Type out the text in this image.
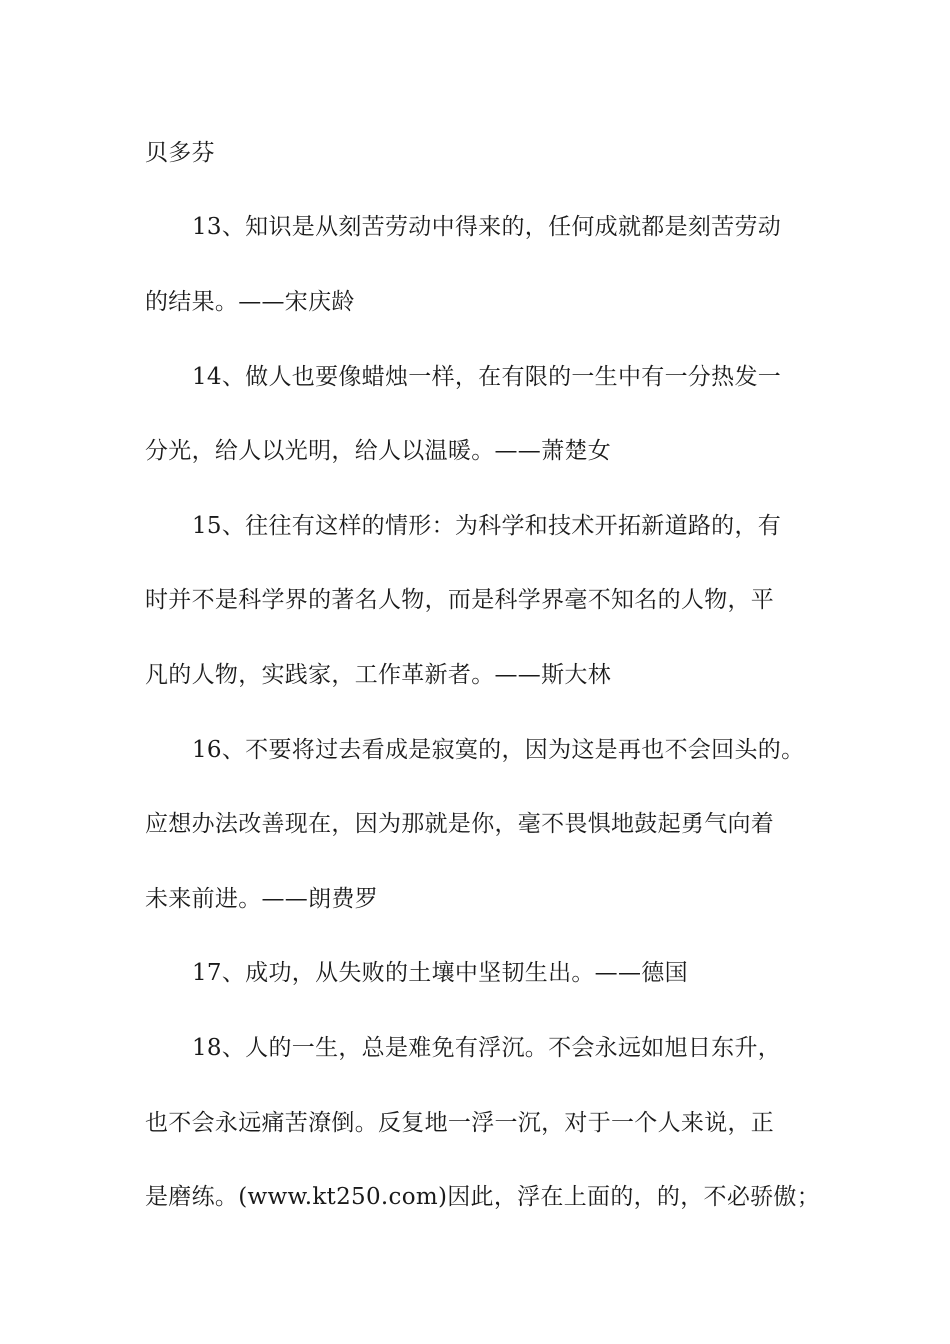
贝多芬
13、知识是从刻苦劳动中得来的，任何成就都是刻苦劳动
的结果。——宋庆龄
14、做人也要像蜡烛一样，在有限的一生中有一分热发一
分光，给人以光明，给人以温暖。——萧楚女
15、往往有这样的情形：为科学和技术开拓新道路的，有
时并不是科学界的著名人物，而是科学界毫不知名的人物，平
凡的人物，实践家，工作革新者。——斯大林
16、不要将过去看成是寂寞的，因为这是再也不会回头的。
应想办法改善现在，因为那就是你，毫不畏惧地鼓起勇气向着
未来前进。——朗费罗
17、成功，从失败的土壤中坚韧生出。——德国
18、人的一生，总是难免有浮沉。不会永远如旭日东升，
也不会永远痛苦潦倒。反复地一浮一沉，对于一个人来说，正
是磨练。(www.kt250.com)因此，浮在上面的，的，不必骄傲；
